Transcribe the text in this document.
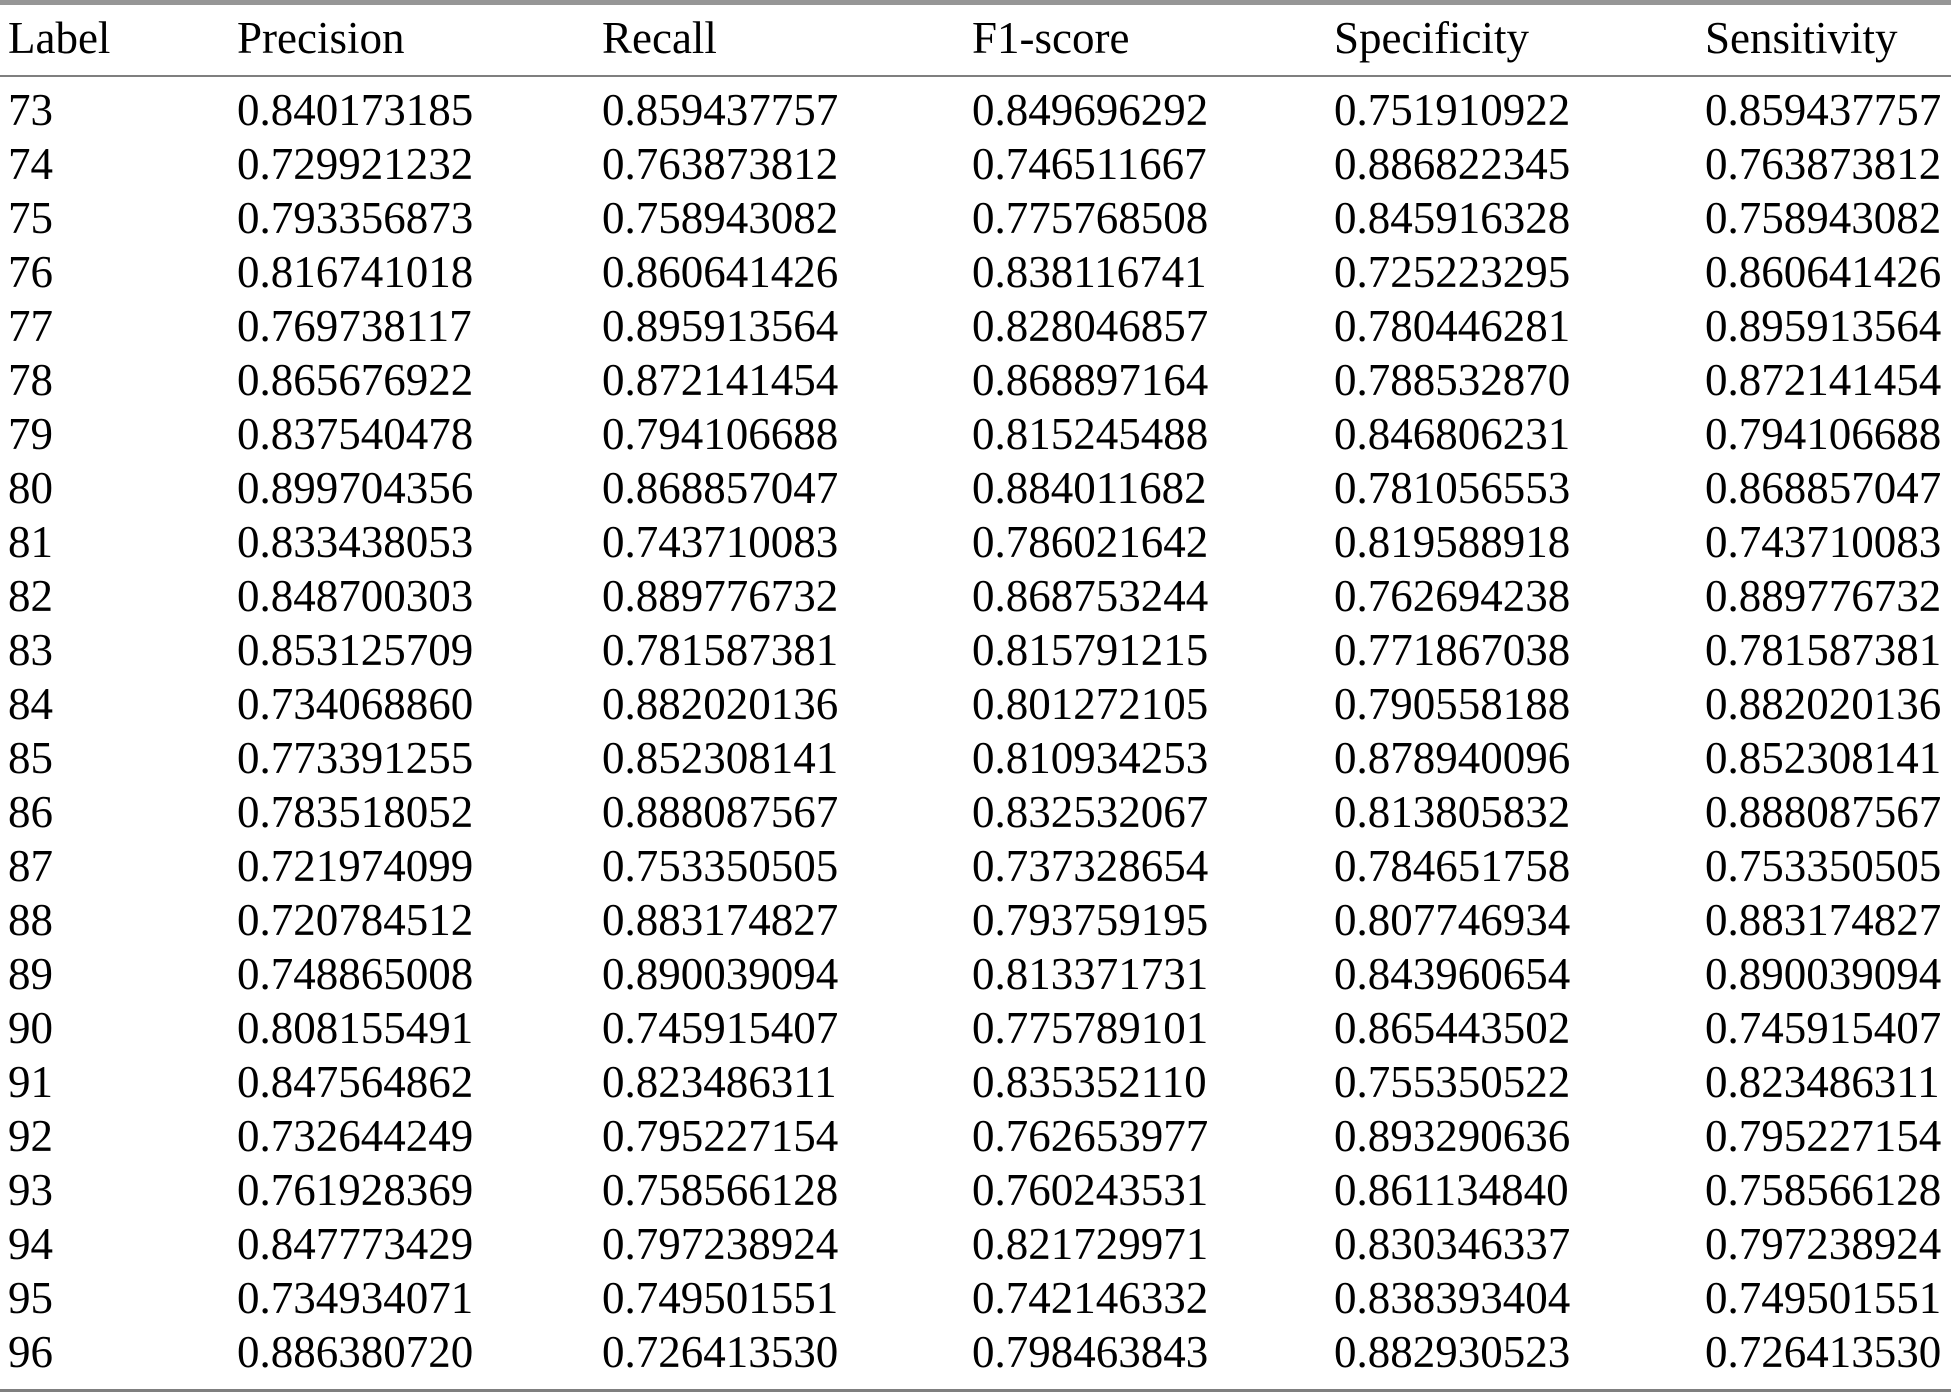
Label	Precision	Recall	F1-score	Specificity	Sensitivity
73	0.840173185	0.859437757	0.849696292	0.751910922	0.859437757
74	0.729921232	0.763873812	0.746511667	0.886822345	0.763873812
75	0.793356873	0.758943082	0.775768508	0.845916328	0.758943082
76	0.816741018	0.860641426	0.838116741	0.725223295	0.860641426
77	0.769738117	0.895913564	0.828046857	0.780446281	0.895913564
78	0.865676922	0.872141454	0.868897164	0.788532870	0.872141454
79	0.837540478	0.794106688	0.815245488	0.846806231	0.794106688
80	0.899704356	0.868857047	0.884011682	0.781056553	0.868857047
81	0.833438053	0.743710083	0.786021642	0.819588918	0.743710083
82	0.848700303	0.889776732	0.868753244	0.762694238	0.889776732
83	0.853125709	0.781587381	0.815791215	0.771867038	0.781587381
84	0.734068860	0.882020136	0.801272105	0.790558188	0.882020136
85	0.773391255	0.852308141	0.810934253	0.878940096	0.852308141
86	0.783518052	0.888087567	0.832532067	0.813805832	0.888087567
87	0.721974099	0.753350505	0.737328654	0.784651758	0.753350505
88	0.720784512	0.883174827	0.793759195	0.807746934	0.883174827
89	0.748865008	0.890039094	0.813371731	0.843960654	0.890039094
90	0.808155491	0.745915407	0.775789101	0.865443502	0.745915407
91	0.847564862	0.823486311	0.835352110	0.755350522	0.823486311
92	0.732644249	0.795227154	0.762653977	0.893290636	0.795227154
93	0.761928369	0.758566128	0.760243531	0.861134840	0.758566128
94	0.847773429	0.797238924	0.821729971	0.830346337	0.797238924
95	0.734934071	0.749501551	0.742146332	0.838393404	0.749501551
96	0.886380720	0.726413530	0.798463843	0.882930523	0.726413530
